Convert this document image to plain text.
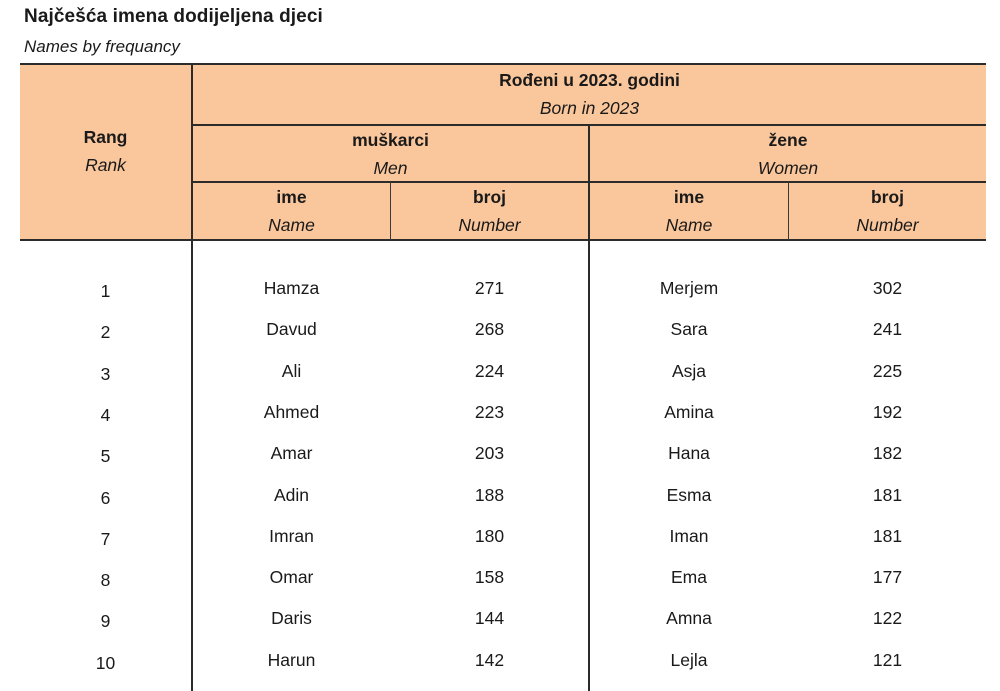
Najčešća imena dodijeljena djeci
Names by frequancy
Rang
Rank
Rođeni u 2023. godini
Born in 2023
muškarci
Men
žene
Women
ime
Name
broj
Number
ime
Name
broj
Number
1	Hamza	271	Merjem	302
2	Davud	268	Sara	241
3	Ali	224	Asja	225
4	Ahmed	223	Amina	192
5	Amar	203	Hana	182
6	Adin	188	Esma	181
7	Imran	180	Iman	181
8	Omar	158	Ema	177
9	Daris	144	Amna	122
10	Harun	142	Lejla	121
